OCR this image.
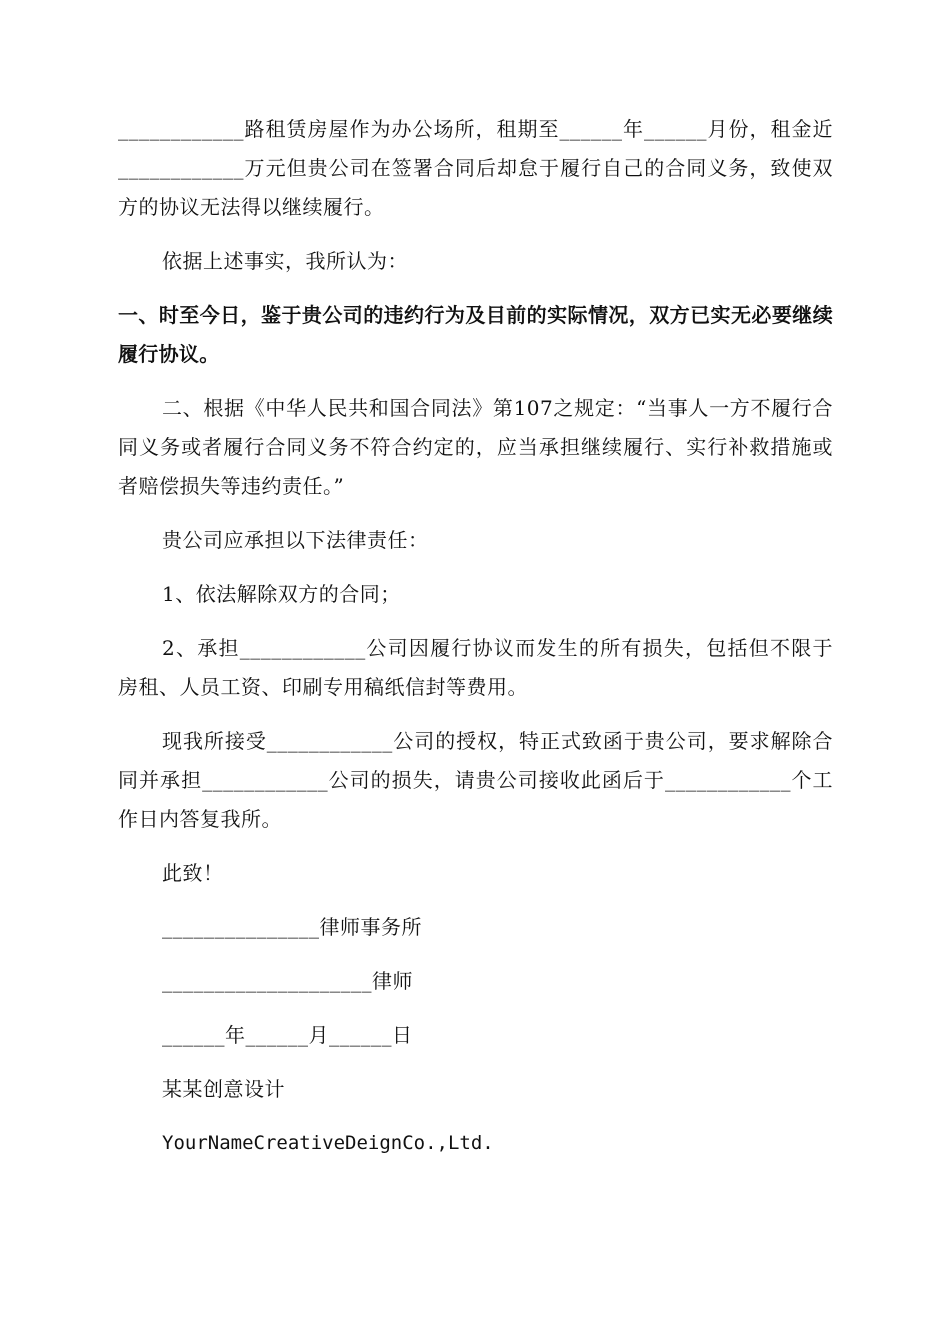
____________路租赁房屋作为办公场所，租期至______年______月份，租金近____________万元但贵公司在签署合同后却怠于履行自己的合同义务，致使双方的协议无法得以继续履行。

依据上述事实，我所认为：

一、时至今日，鉴于贵公司的违约行为及目前的实际情况，双方已实无必要继续履行协议。

二、根据《中华人民共和国合同法》第107之规定：“当事人一方不履行合同义务或者履行合同义务不符合约定的，应当承担继续履行、实行补救措施或者赔偿损失等违约责任。”

贵公司应承担以下法律责任：

1、依法解除双方的合同；

2、承担____________公司因履行协议而发生的所有损失，包括但不限于房租、人员工资、印刷专用稿纸信封等费用。

现我所接受____________公司的授权，特正式致函于贵公司，要求解除合同并承担____________公司的损失，请贵公司接收此函后于____________个工作日内答复我所。

此致！

_______________律师事务所

____________________律师

______年______月______日

某某创意设计

YourNameCreativeDeignCo.,Ltd.
